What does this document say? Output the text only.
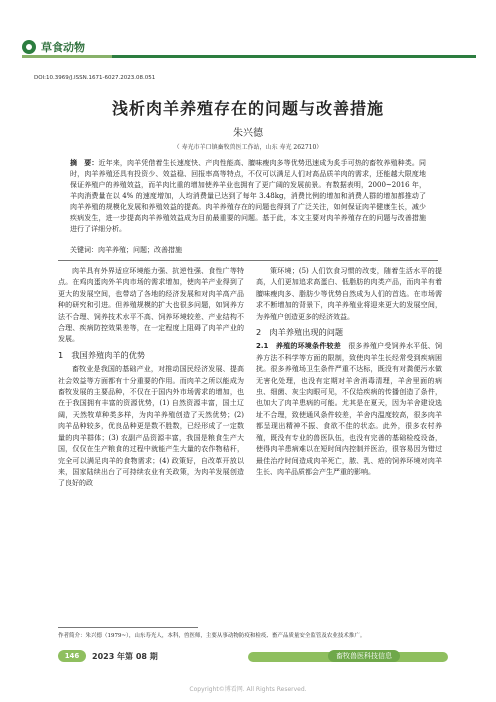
草食动物
DOI:10.3969/J.ISSN.1671-6027.2023.08.051
浅析肉羊养殖存在的问题与改善措施
朱兴德
（ 寿光市羊口镇畜牧兽医工作站，山东 寿光 262710）
摘　要：近年来，肉羊凭借着生长速度快、产肉性能高、膻味瘦肉多等优势迅速成为炙手可热的畜牧养殖种类。同时，肉羊养殖还具有投资少、效益稳、回报率高等特点，不仅可以满足人们对高品质羊肉的需求，还能越大限度地保证养殖户的养殖效益，而羊肉比重的增加使养羊业也拥有了更广阔的发展前景。有数据表明，2000~2016 年，羊肉消费量在以 4% 的速度增加，人均消费量已达到了每年 3.48kg，消费比例的增加和消费人群的增加都推动了肉羊养殖的规模化发展和养殖效益的提高。肉羊养殖存在的问题也得到了广泛关注，如何保证肉羊健康生长，减少疾病发生，进一步提高肉羊养殖效益成为目前最重要的问题。基于此，本文主要对肉羊养殖存在的问题与改善措施进行了详细分析。
关键词：肉羊养殖；问题；改善措施

肉羊具有外界适应环境能力强、抗逆性强、食性广等特点。在鸡肉蛋肉外羊肉市场的需求增加，使肉羊产业得到了更大的发展空间，也带动了各地的经济发展和对肉羊高产品种的研究和引进。但养殖规模的扩大也很多问题，如饲养方法不合理、饲养技术水平不高、饲养环境较差、产业结构不合理、疾病防控效果差等，在一定程度上阻碍了肉羊产业的发展。

1　我国养殖肉羊的优势

畜牧业是我国的基础产业，对推动国民经济发展、提高社会效益等方面都有十分重要的作用。而肉羊之所以能成为畜牧发展的主要品种，不仅在于国内外市场需求的增加，也在于我国拥有丰富的资源优势，(1) 自然资源丰富，国土辽阔，天然牧草种类多样，为肉羊养殖创造了天然优势；(2) 肉羊品种较多，优良品种更是数不胜数，已经形成了一定数量的肉羊群体；(3) 农副产品资源丰富，我国是粮食生产大国，仅仅在生产粮食的过程中就能产生大量的农作物秸秆，完全可以满足肉羊的食物需求；(4) 政策好，自改革开放以来，国家陆续出台了可持续农业有关政策，为肉羊发展创造了良好的政

策环境；(5) 人们饮食习惯的改变，随着生活水平的提高，人们更加追求高蛋白、低脂肪的肉类产品，而肉羊有着膻味瘦肉多、脂肪少等优势自然成为人们的首选。在市场需求不断增加的背景下，肉羊养殖业将迎来更大的发展空间，为养殖户创造更多的经济效益。

2　肉羊养殖出现的问题

2.1　养殖的环境条件较差　 很多养殖户受饲养水平低、饲养方法不科学等方面的限制，致使肉羊生长经常受到疾病困扰。很多养殖场卫生条件严重不达标，既没有对粪便污水做无害化处理，也没有定期对羊舍消毒清理，羊舍里面的病虫、细菌、灰尘肉眼可见，不仅给疾病的传播创造了条件，也加大了肉羊患病的可能。尤其是在夏天，因为羊舍建设选址不合理，致使通风条件较差，羊舍内温度较高，很多肉羊都呈现出精神不振、食欲不佳的状态。此外，很多农村养殖，既没有专业的兽医队伍，也没有完善的基础检疫设备，使得肉羊患病难以在短时间内控制并医治，很容易因为错过最佳治疗时间造成肉羊死亡，脓、乳、疮的饲养环境对肉羊生长、肉羊品质都会产生严重的影响。

作者简介：朱兴德（1979~），山东寿光人，本科，兽医师，主要从事动物防疫和检疫、畜产品质量安全监管及农业技术推广。
146	2023 年第 08 期	畜牧兽医科技信息
Copyright©博看网. All Rights Reserved.
